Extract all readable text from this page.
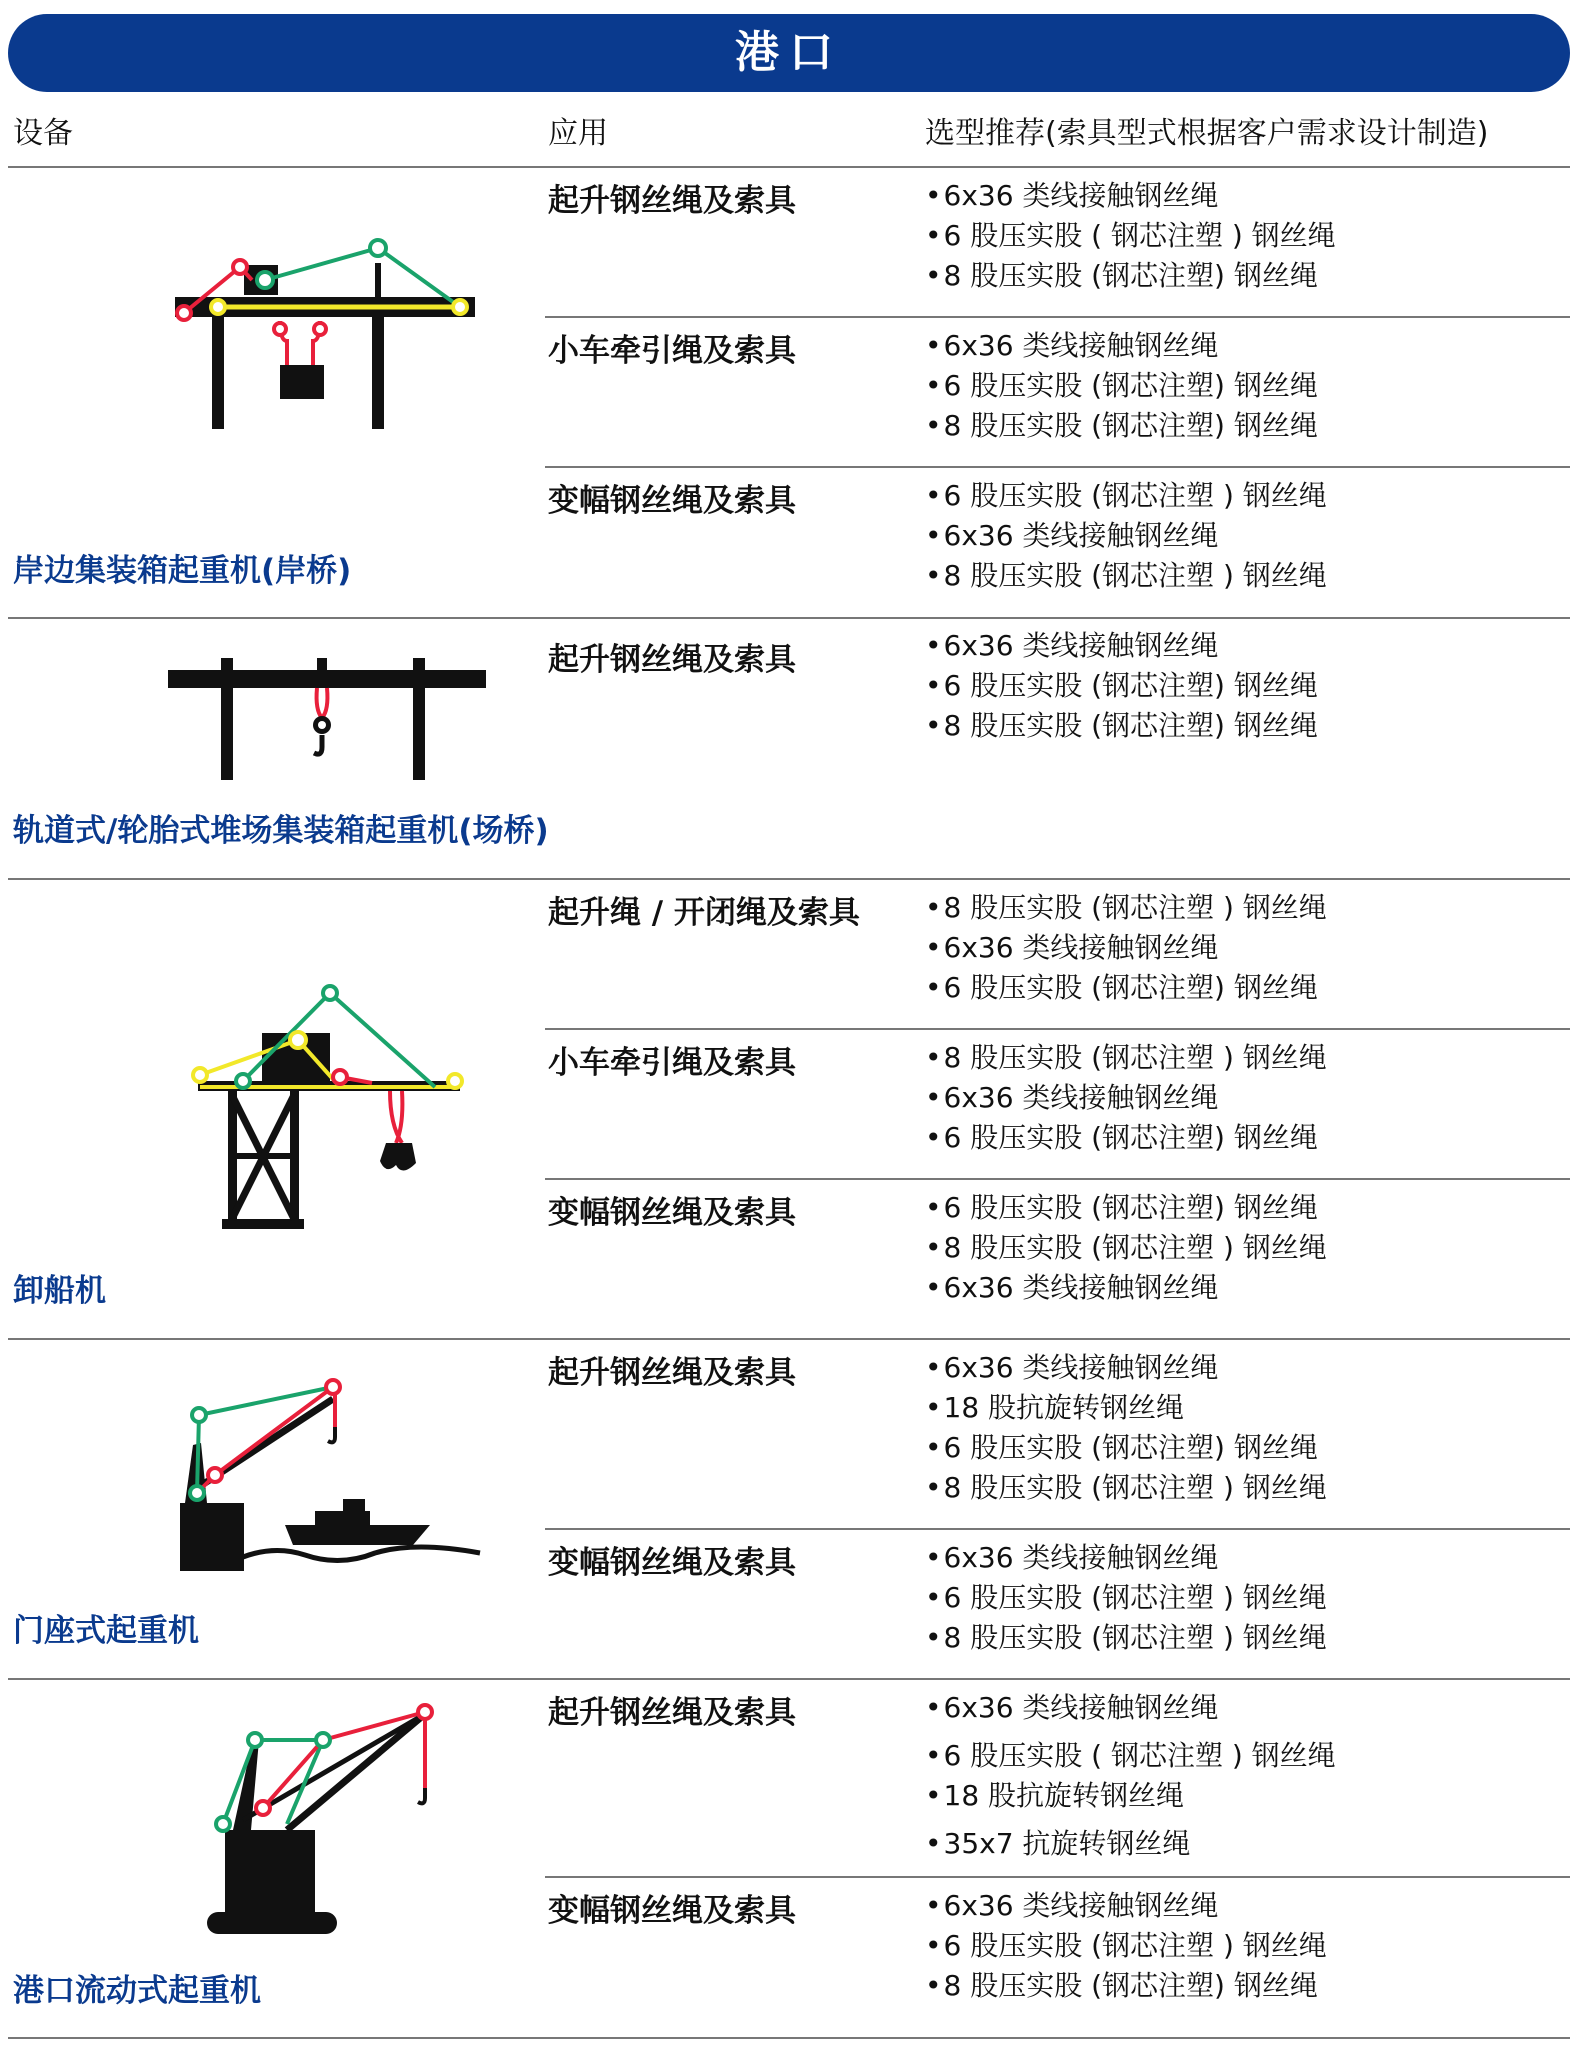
港口
设备	应用	选型推荐(索具型式根据客户需求设计制造)
岸边集装箱起重机(岸桥)
起升钢丝绳及索具	• 6x36 类线接触钢丝绳
• 6 股压实股 ( 钢芯注塑 ) 钢丝绳
• 8 股压实股 (钢芯注塑) 钢丝绳
小车牵引绳及索具	• 6x36 类线接触钢丝绳
• 6 股压实股 (钢芯注塑) 钢丝绳
• 8 股压实股 (钢芯注塑) 钢丝绳
变幅钢丝绳及索具	• 6 股压实股 (钢芯注塑 ) 钢丝绳
• 6x36 类线接触钢丝绳
• 8 股压实股 (钢芯注塑 ) 钢丝绳
轨道式/轮胎式堆场集装箱起重机(场桥)
起升钢丝绳及索具	• 6x36 类线接触钢丝绳
• 6 股压实股 (钢芯注塑) 钢丝绳
• 8 股压实股 (钢芯注塑) 钢丝绳
卸船机
起升绳 / 开闭绳及索具	• 8 股压实股 (钢芯注塑 ) 钢丝绳
• 6x36 类线接触钢丝绳
• 6 股压实股 (钢芯注塑) 钢丝绳
小车牵引绳及索具	• 8 股压实股 (钢芯注塑 ) 钢丝绳
• 6x36 类线接触钢丝绳
• 6 股压实股 (钢芯注塑) 钢丝绳
变幅钢丝绳及索具	• 6 股压实股 (钢芯注塑) 钢丝绳
• 8 股压实股 (钢芯注塑 ) 钢丝绳
• 6x36 类线接触钢丝绳
门座式起重机
起升钢丝绳及索具	• 6x36 类线接触钢丝绳
• 18 股抗旋转钢丝绳
• 6 股压实股 (钢芯注塑) 钢丝绳
• 8 股压实股 (钢芯注塑 ) 钢丝绳
变幅钢丝绳及索具	• 6x36 类线接触钢丝绳
• 6 股压实股 (钢芯注塑 ) 钢丝绳
• 8 股压实股 (钢芯注塑 ) 钢丝绳
港口流动式起重机
起升钢丝绳及索具	• 6x36 类线接触钢丝绳
• 6 股压实股 ( 钢芯注塑 ) 钢丝绳
• 18 股抗旋转钢丝绳
• 35x7 抗旋转钢丝绳
变幅钢丝绳及索具	• 6x36 类线接触钢丝绳
• 6 股压实股 (钢芯注塑 ) 钢丝绳
• 8 股压实股 (钢芯注塑) 钢丝绳
